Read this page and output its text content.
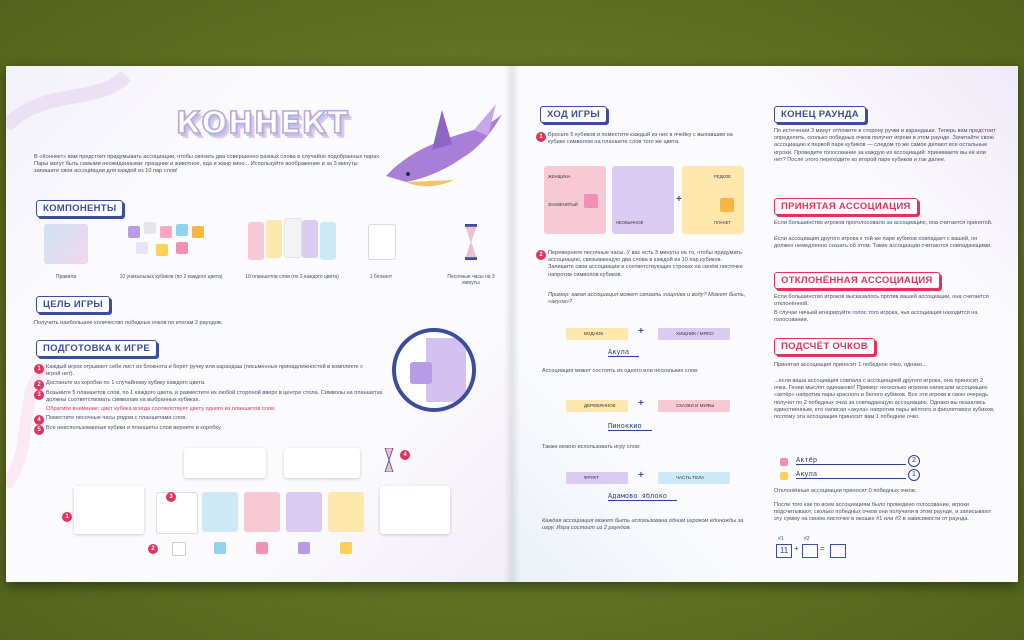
КОННЕКТ
В «Коннект» вам предстоит придумывать ассоциации, чтобы связать два совершенно разных слова в случайно подобранных парах. Пары могут быть самыми неожиданными: праздник и животное, еда и жанр кино... Используйте воображение и за 3 минуты запишите свои ассоциации для каждой из 10 пар слов!
КОМПОНЕНТЫ
Правила	10 уникальных кубиков (по 2 каждого цвета)	10 планшетов слов (по 2 каждого цвета)	1 блокнот	Песочные часы на 3 минуты
ЦЕЛЬ ИГРЫ
Получить наибольшее количество победных очков по итогам 2 раундов.
ПОДГОТОВКА К ИГРЕ
1 Каждый игрок отрывает себе лист из блокнота и берёт ручку или карандаш (письменных принадлежностей в комплекте с игрой нет).
2 Достаньте из коробки по 1 случайному кубику каждого цвета.
3 Возьмите 5 планшетов слов, по 1 каждого цвета, и разместите их любой стороной вверх в центре стола. Символы на планшетах должны соответствовать символам на выбранных кубиках.
Обратите внимание: цвет кубика всегда соответствует цвету одного из планшетов слов.
4 Поместите песочные часы рядом с планшетами слов.
5 Все неиспользованные кубики и планшеты слов верните в коробку.
1
2
3
4
ХОД ИГРЫ
1 Бросьте 5 кубиков и поместите каждый из них в ячейку с выпавшим на кубике символом на планшете слов того же цвета.
ЖЕНЩИНА
ЗНАМЕНИТЫЙ
НЕОБЫЧНОЕ
РЕДКОЕ
ПЛАНЕТ
+
2 Переверните песочные часы. У вас есть 3 минуты на то, чтобы придумать ассоциацию, связывающую два слова в каждой из 10 пар кубиков. Запишите свои ассоциации в соответствующих строках на своём листочке напротив символов кубиков.
Пример: какая ассоциация может связать хищника и воду? Может быть, «акула»?
ВОДНОЕ	+	ХИЩНИК / МЯСО
Акула
Ассоциация может состоять из одного или нескольких слов:
ДЕРЕВЯННОЕ	+	СКАЗКИ И МИФЫ
Пиноккио
Также можно использовать игру слов:
ФРУКТ	+	ЧАСТЬ ТЕЛА
Адамово яблоко
Каждая ассоциация может быть использована одним игроком единожды за игру. Игра состоит из 2 раундов.
КОНЕЦ РАУНДА
По истечении 3 минут отложите в сторону ручки и карандаши. Теперь вам предстоит определить, сколько победных очков получат игроки в этом раунде. Зачитайте свою ассоциацию к первой паре кубиков — следом то же самое делают все остальные игроки. Проведите голосование за каждую из ассоциаций: принимаете вы её или нет? После этого переходите ко второй паре кубиков и так далее.
ПРИНЯТАЯ АССОЦИАЦИЯ
Если большинство игроков проголосовало за ассоциацию, она считается принятой.
Если ассоциация другого игрока к той же паре кубиков совпадает с вашей, он должен немедленно сказать об этом. Такие ассоциации считаются совпадающими.
ОТКЛОНЁННАЯ АССОЦИАЦИЯ
Если большинство игроков высказалось против вашей ассоциации, она считается отклонённой.
В случае ничьей игнорируйте голос того игрока, чья ассоциация находится на голосовании.
ПОДСЧЁТ ОЧКОВ
Принятая ассоциация приносит 1 победное очко, однако...
...если ваша ассоциация совпала с ассоциацией другого игрока, она приносит 2 очка. Гении мыслят одинаково! Пример: несколько игроков написали ассоциацию «актёр» напротив пары красного и белого кубиков. Все эти игроки в свою очередь получат по 2 победных очка за совпадающую ассоциацию. Однако вы оказались единственным, кто написал «акула» напротив пары жёлтого и фиолетового кубиков, поэтому эта ассоциация приносит вам 1 победное очко.
Актёр	2
Акула	1
Отклонённые ассоциации приносят 0 победных очков.
После того как по всем ассоциациям было проведено голосование, игроки подсчитывают, сколько победных очков они получили в этом раунде, и записывают эту сумму на своём листочке в окошке #1 или #2 в зависимости от раунда.
#1
11 +
#2
=
